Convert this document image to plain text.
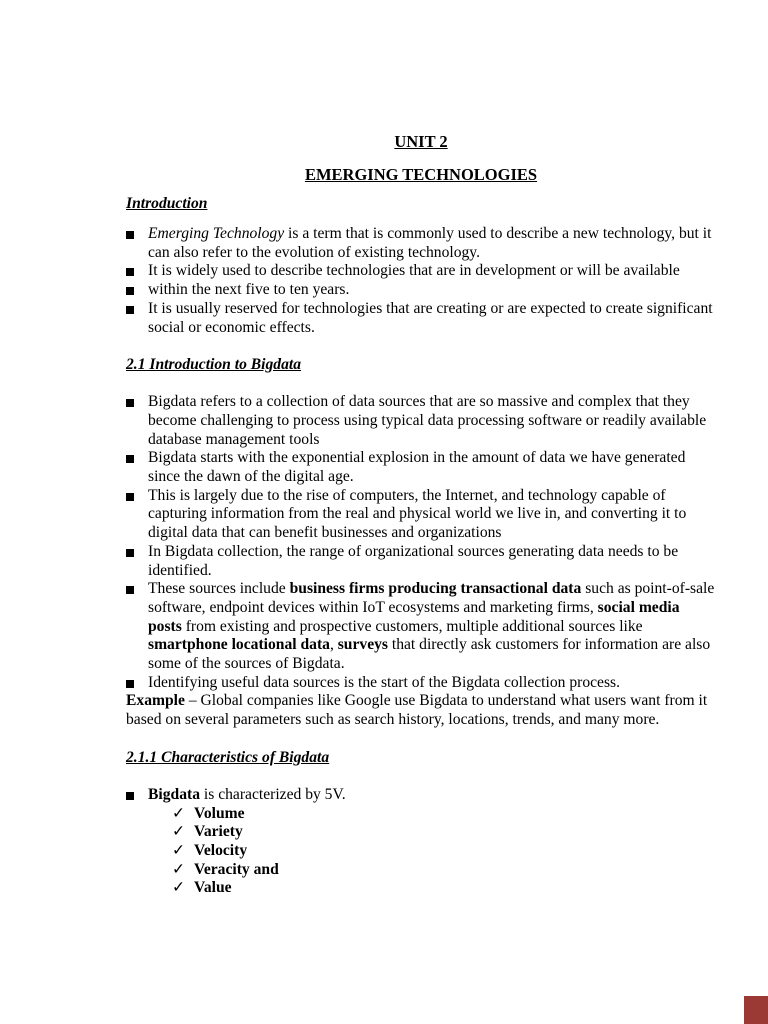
UNIT 2
EMERGING TECHNOLOGIES
Introduction
Emerging Technology is a term that is commonly used to describe a new technology, but it can also refer to the evolution of existing technology.
It is widely used to describe technologies that are in development or will be available
within the next five to ten years.
It is usually reserved for technologies that are creating or are expected to create significant social or economic effects.
2.1 Introduction to Bigdata
Bigdata refers to a collection of data sources that are so massive and complex that they become challenging to process using typical data processing software or readily available database management tools
Bigdata starts with the exponential explosion in the amount of data we have generated since the dawn of the digital age.
This is largely due to the rise of computers, the Internet, and technology capable of capturing information from the real and physical world we live in, and converting it to digital data that can benefit businesses and organizations
In Bigdata collection, the range of organizational sources generating data needs to be identified.
These sources include business firms producing transactional data such as point-of-sale software, endpoint devices within IoT ecosystems and marketing firms, social media posts from existing and prospective customers, multiple additional sources like smartphone locational data, surveys that directly ask customers for information are also some of the sources of Bigdata.
Identifying useful data sources is the start of the Bigdata collection process.

Example – Global companies like Google use Bigdata to understand what users want from it based on several parameters such as search history, locations, trends, and many more.

2.1.1 Characteristics of Bigdata
Bigdata is characterized by 5V.
✓ Volume
✓ Variety
✓ Velocity
✓ Veracity and
✓ Value
